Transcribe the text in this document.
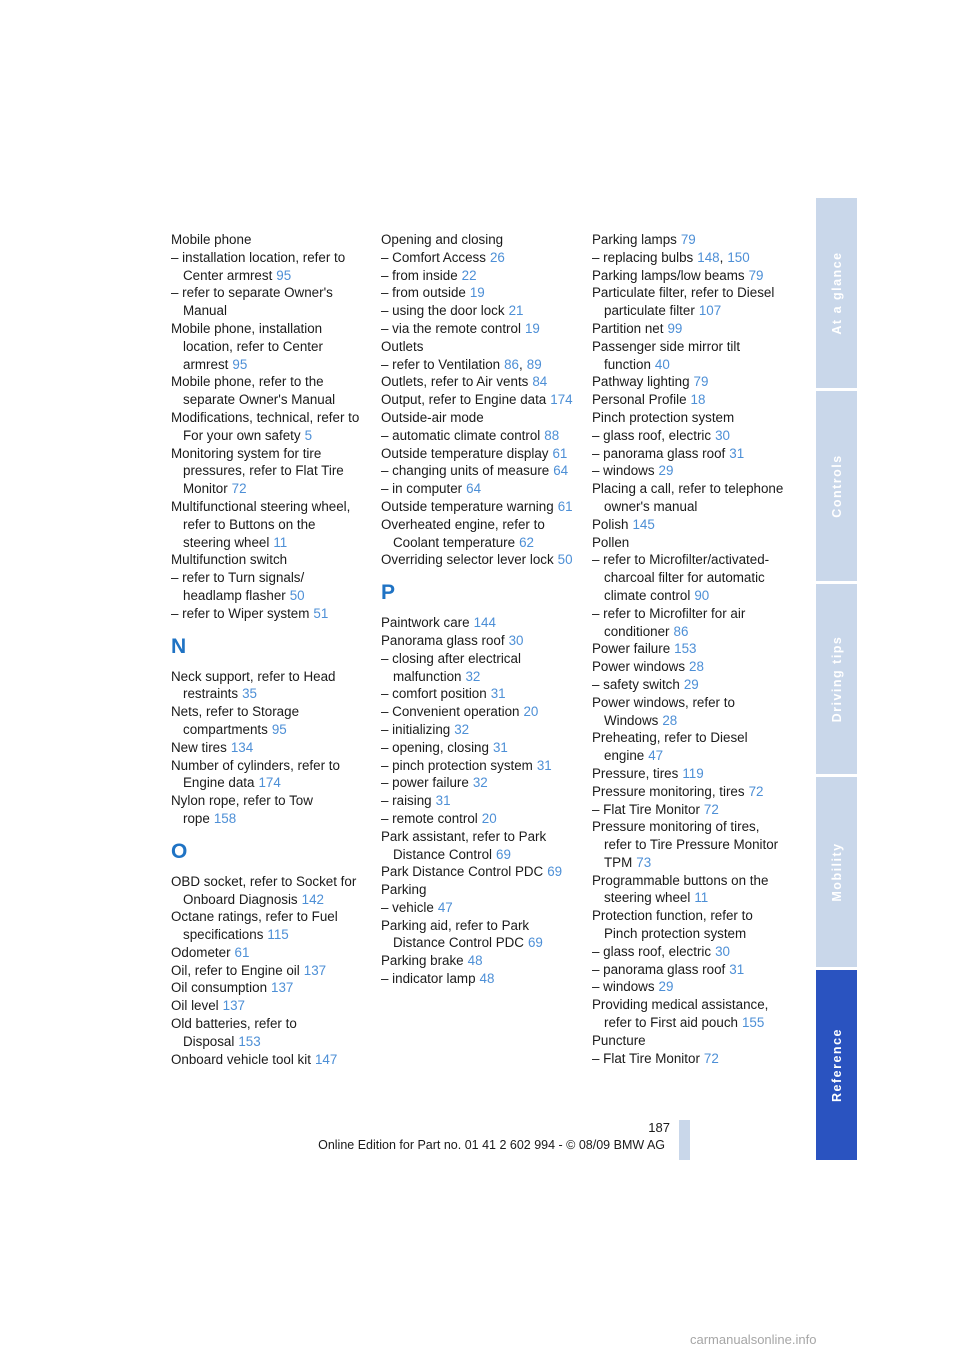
Mobile phone
– installation location, refer to Center armrest 95
– refer to separate Owner's Manual
Mobile phone, installation location, refer to Center armrest 95
Mobile phone, refer to the separate Owner's Manual
Modifications, technical, refer to For your own safety 5
Monitoring system for tire pressures, refer to Flat Tire Monitor 72
Multifunctional steering wheel, refer to Buttons on the steering wheel 11
Multifunction switch
– refer to Turn signals/ headlamp flasher 50
– refer to Wiper system 51
N
Neck support, refer to Head restraints 35
Nets, refer to Storage compartments 95
New tires 134
Number of cylinders, refer to Engine data 174
Nylon rope, refer to Tow rope 158
O
OBD socket, refer to Socket for Onboard Diagnosis 142
Octane ratings, refer to Fuel specifications 115
Odometer 61
Oil, refer to Engine oil 137
Oil consumption 137
Oil level 137
Old batteries, refer to Disposal 153
Onboard vehicle tool kit 147
Opening and closing
– Comfort Access 26
– from inside 22
– from outside 19
– using the door lock 21
– via the remote control 19
Outlets
– refer to Ventilation 86, 89
Outlets, refer to Air vents 84
Output, refer to Engine data 174
Outside-air mode
– automatic climate control 88
Outside temperature display 61
– changing units of measure 64
– in computer 64
Outside temperature warning 61
Overheated engine, refer to Coolant temperature 62
Overriding selector lever lock 50
P
Paintwork care 144
Panorama glass roof 30
– closing after electrical malfunction 32
– comfort position 31
– Convenient operation 20
– initializing 32
– opening, closing 31
– pinch protection system 31
– power failure 32
– raising 31
– remote control 20
Park assistant, refer to Park Distance Control 69
Park Distance Control PDC 69
Parking
– vehicle 47
Parking aid, refer to Park Distance Control PDC 69
Parking brake 48
– indicator lamp 48
Parking lamps 79
– replacing bulbs 148, 150
Parking lamps/low beams 79
Particulate filter, refer to Diesel particulate filter 107
Partition net 99
Passenger side mirror tilt function 40
Pathway lighting 79
Personal Profile 18
Pinch protection system
– glass roof, electric 30
– panorama glass roof 31
– windows 29
Placing a call, refer to telephone owner's manual
Polish 145
Pollen
– refer to Microfilter/activated-charcoal filter for automatic climate control 90
– refer to Microfilter for air conditioner 86
Power failure 153
Power windows 28
– safety switch 29
Power windows, refer to Windows 28
Preheating, refer to Diesel engine 47
Pressure, tires 119
Pressure monitoring, tires 72
– Flat Tire Monitor 72
Pressure monitoring of tires, refer to Tire Pressure Monitor TPM 73
Programmable buttons on the steering wheel 11
Protection function, refer to Pinch protection system
– glass roof, electric 30
– panorama glass roof 31
– windows 29
Providing medical assistance, refer to First aid pouch 155
Puncture
– Flat Tire Monitor 72
At a glance
Controls
Driving tips
Mobility
Reference
187
Online Edition for Part no. 01 41 2 602 994 - © 08/09 BMW AG
carmanualsonline.info
